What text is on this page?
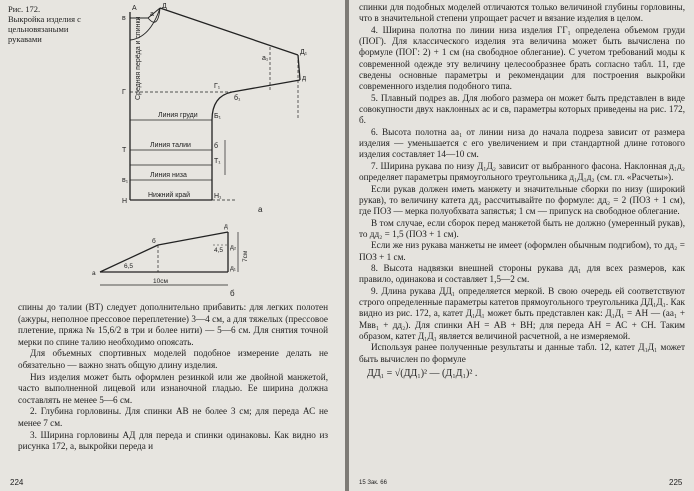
Рис. 172.
Выкройка изделия с цельновязаными рукавами
A	Д
a
в
Д₁
д
а₁
б₁
Б₁
Г
б
Т
Т₁
в₁
Н
Н₁
Г₁
Средняя перёда и спинки
Линия груди
Линия талии
Линия низа
Нижний край
а
а
б
д
д₁
д₂
10см
4,5
6,5
7см
б

спины до талии (ВТ) следует дополнительно прибавить: для легких полотен (ажуры, неполное прессовое переплетение) 3—4 см, а для тяжелых (прессовое плетение, пряжа № 15,6/2 в три и более нити) — 5—6 см. Для снятия точной мерки по спине талию необходимо опоясать.

Для объемных спортивных моделей подобное измерение делать не обязательно — важно знать общую длину изделия.

Низ изделия может быть оформлен резинкой или же двойной манжетой, часто выполненной лицевой или изнаночной гладью. Ее ширина должна составлять не менее 5—6 см.

2. Глубина горловины. Для спинки АВ не более 3 см; для переда АС не менее 7 см.

3. Ширина горловины АД для переда и спинки одинаковы. Как видно из рисунка 172, а, выкройки переда и

224

спинки для подобных моделей отличаются только величиной глубины горловины, что в значительной степени упрощает расчет и вязание изделия в целом.

4. Ширина полотна по линии низа изделия ГГ₁ определена объемом груди (ПОГ). Для классического изделия эта величина может быть вычислена по формуле (ПОГ: 2) + 1 см (на свободное облегание). С учетом требований моды к современной одежде эту величину целесообразнее брать согласно табл. 11, где сведены основные параметры и рекомендации для построения выкройки современного изделия подобного типа.

5. Плавный подрез ав. Для любого размера он может быть представлен в виде совокупности двух наклонных ас и св, параметры которых приведены на рис. 172, б.

6. Высота полотна аа₁ от линии низа до начала подреза зависит от размера изделия — уменьшается с его увеличением и при стандартной длине готового изделия составляет 14—10 см.

7. Ширина рукава по низу Д₁Д₂ зависит от выбранного фасона. Наклонная д₁д₂ определяет параметры прямоугольного треугольника д₁Д₁д₂ (см. гл. «Расчеты»).

Если рукав должен иметь манжету и значительные сборки по низу (широкий рукав), то величину катета дд₂ рассчитывайте по формуле: дд₂ = 2 (ПОЗ + 1 см), где ПОЗ — мерка полуобхвата запястья; 1 см — припуск на свободное облегание.

В том случае, если сборок перед манжетой быть не должно (умеренный рукав), то дд₂ = 1,5 (ПОЗ + 1 см).

Если же низ рукава манжеты не имеет (оформлен обычным подгибом), то дд₂ = ПОЗ + 1 см.

8. Высота надвязки внешней стороны рукава дд₁ для всех размеров, как правило, одинакова и составляет 1,5—2 см.

9. Длина рукава ДД₁ определяется меркой. В свою очередь ей соответствуют строго определенные параметры катетов прямоугольного треугольника ДД₁Д₁. Как видно из рис. 172, а, катет Д₁Д₁ может быть представлен как: Д₁Д₁ = АН — (аа₁ + Мвв₁ + дд₂). Для спинки АН = АВ + ВН; для переда АН = АС + СН. Таким образом, катет Д₁Д₁ является величиной расчетной, а не измеряемой.

Используя ранее полученные результаты и данные табл. 12, катет Д₁Д₁ может быть вычислен по формуле

ДД₁ = √(ДД₁)² — (Д₁Д₁)² .
15 Зак. 66	225
